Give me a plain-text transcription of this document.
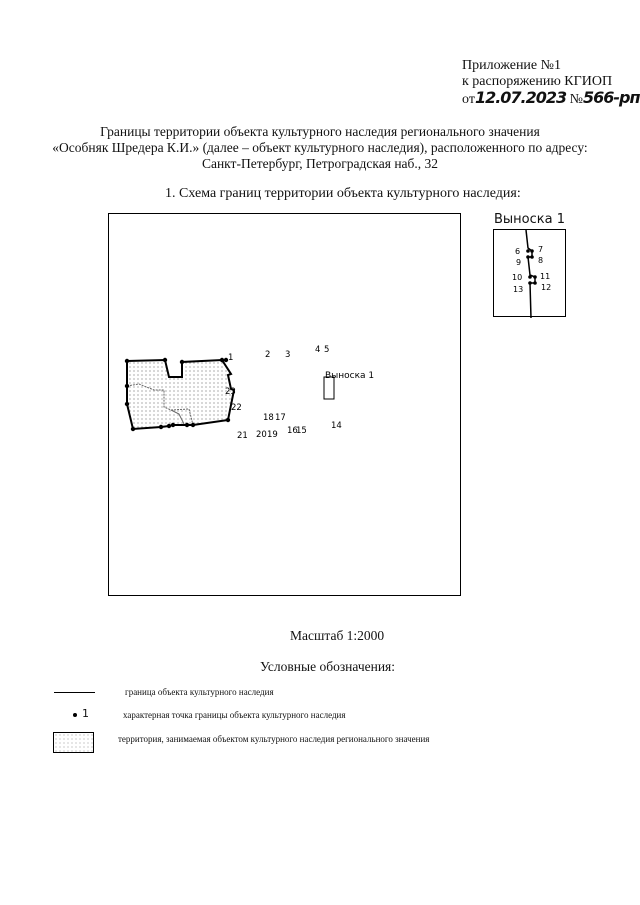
Приложение №1
к распоряжению КГИОП
от12.07.2023 №566-рп
Границы территории объекта культурного наследия регионального значения
«Особняк Шредера К.И.» (далее – объект культурного наследия), расположенного по адресу:
Санкт-Петербург, Петроградская наб., 32
1. Схема границ территории объекта культурного наследия:
1	2 3	4 5
14
15
16
17
18
19
20
21
22
23
Выноска 1
Выноска 1
6 7
9 8
10 11
13 12
Масштаб 1:2000
Условные обозначения:
граница объекта культурного наследия
1	характерная точка границы объекта культурного наследия
территория, занимаемая объектом культурного наследия регионального значения
